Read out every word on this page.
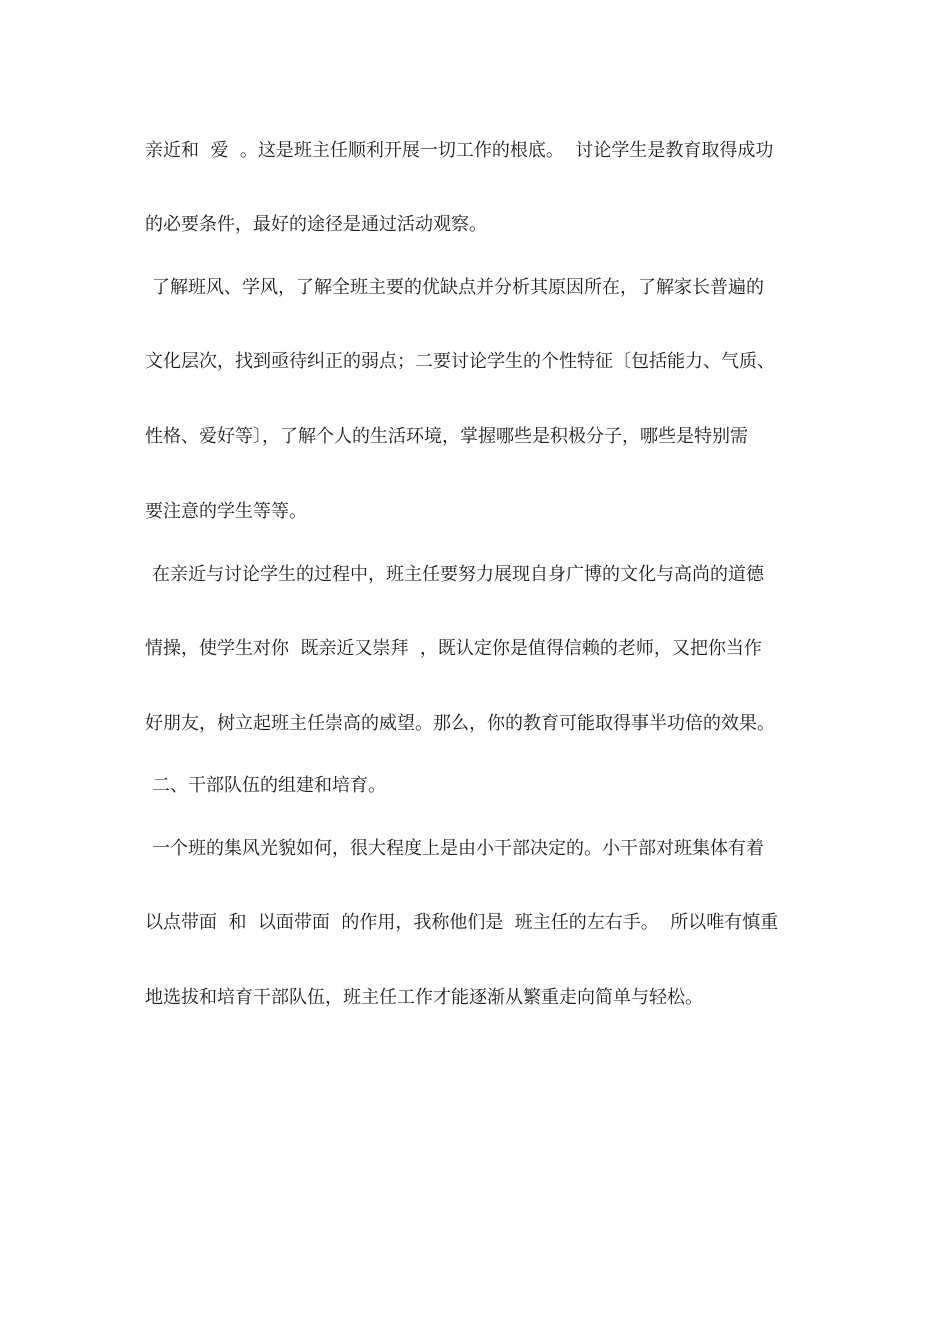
亲近和  爱  。这是班主任顺利开展一切工作的根底。  讨论学生是教育取得成功
的必要条件，最好的途径是通过活动观察。
了解班风、学风，了解全班主要的优缺点并分析其原因所在，了解家长普遍的
文化层次，找到亟待纠正的弱点；二要讨论学生的个性特征〔包括能力、气质、
性格、爱好等〕，了解个人的生活环境，掌握哪些是积极分子，哪些是特别需
要注意的学生等等。
在亲近与讨论学生的过程中，班主任要努力展现自身广博的文化与高尚的道德
情操，使学生对你  既亲近又崇拜  ，既认定你是值得信赖的老师，又把你当作
好朋友，树立起班主任崇高的威望。那么，你的教育可能取得事半功倍的效果。
二、干部队伍的组建和培育。
一个班的集风光貌如何，很大程度上是由小干部决定的。小干部对班集体有着
以点带面  和  以面带面  的作用，我称他们是  班主任的左右手。  所以唯有慎重
地选拔和培育干部队伍，班主任工作才能逐渐从繁重走向简单与轻松。
